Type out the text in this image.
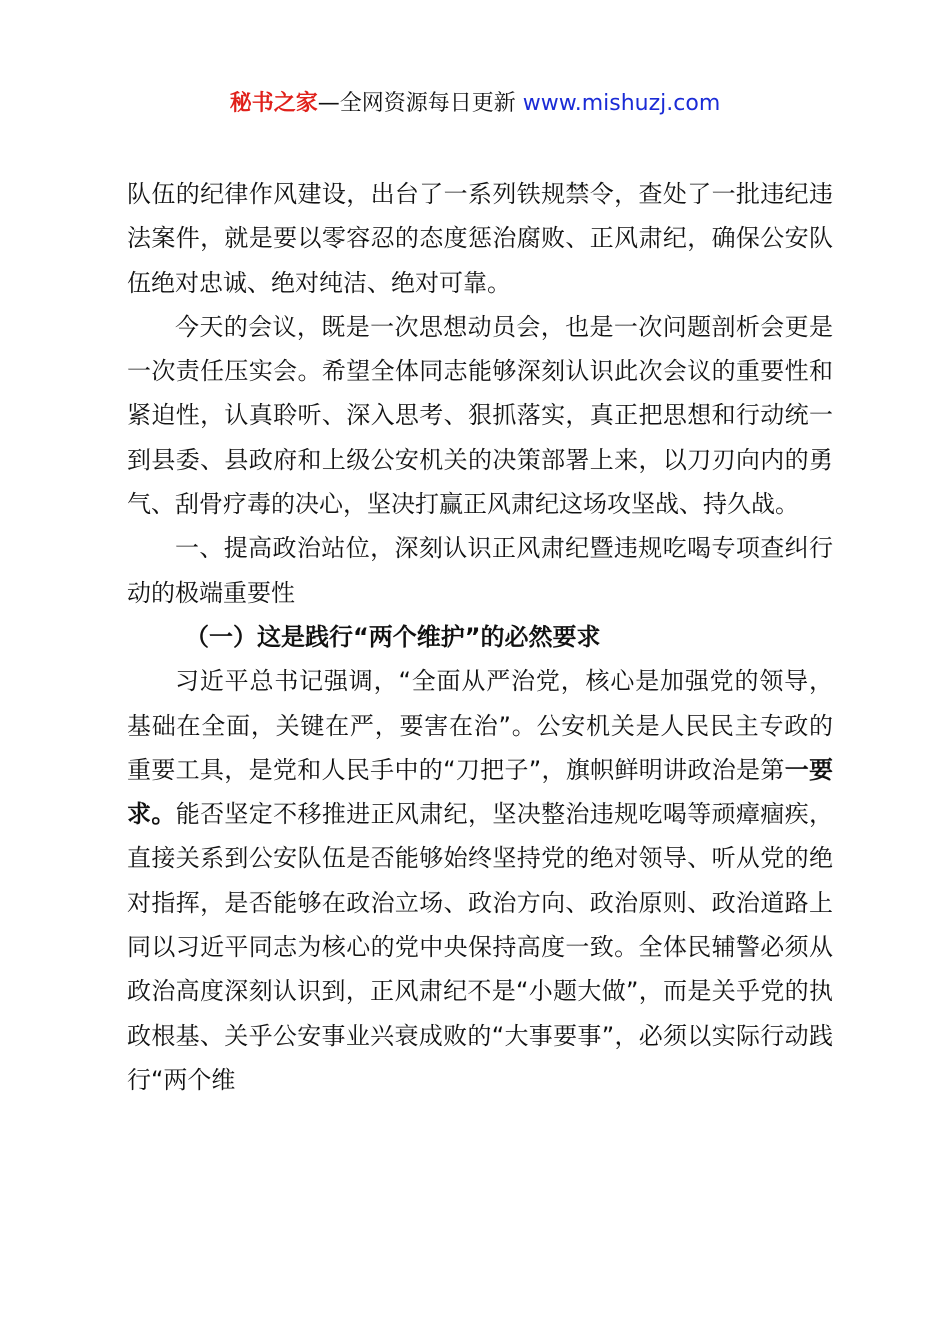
秘书之家—全网资源每日更新 www.mishuzj.com

队伍的纪律作风建设，出台了一系列铁规禁令，查处了一批违纪违法案件，就是要以零容忍的态度惩治腐败、正风肃纪，确保公安队伍绝对忠诚、绝对纯洁、绝对可靠。

今天的会议，既是一次思想动员会，也是一次问题剖析会更是一次责任压实会。希望全体同志能够深刻认识此次会议的重要性和紧迫性，认真聆听、深入思考、狠抓落实，真正把思想和行动统一到县委、县政府和上级公安机关的决策部署上来，以刀刃向内的勇气、刮骨疗毒的决心，坚决打赢正风肃纪这场攻坚战、持久战。

一、提高政治站位，深刻认识正风肃纪暨违规吃喝专项查纠行动的极端重要性

（一）这是践行“两个维护”的必然要求

习近平总书记强调，“全面从严治党，核心是加强党的领导，基础在全面，关键在严，要害在治”。公安机关是人民民主专政的重要工具，是党和人民手中的“刀把子”，旗帜鲜明讲政治是第一要求。能否坚定不移推进正风肃纪，坚决整治违规吃喝等顽瘴痼疾，直接关系到公安队伍是否能够始终坚持党的绝对领导、听从党的绝对指挥，是否能够在政治立场、政治方向、政治原则、政治道路上同以习近平同志为核心的党中央保持高度一致。全体民辅警必须从政治高度深刻认识到，正风肃纪不是“小题大做”，而是关乎党的执政根基、关乎公安事业兴衰成败的“大事要事”，必须以实际行动践行“两个维
